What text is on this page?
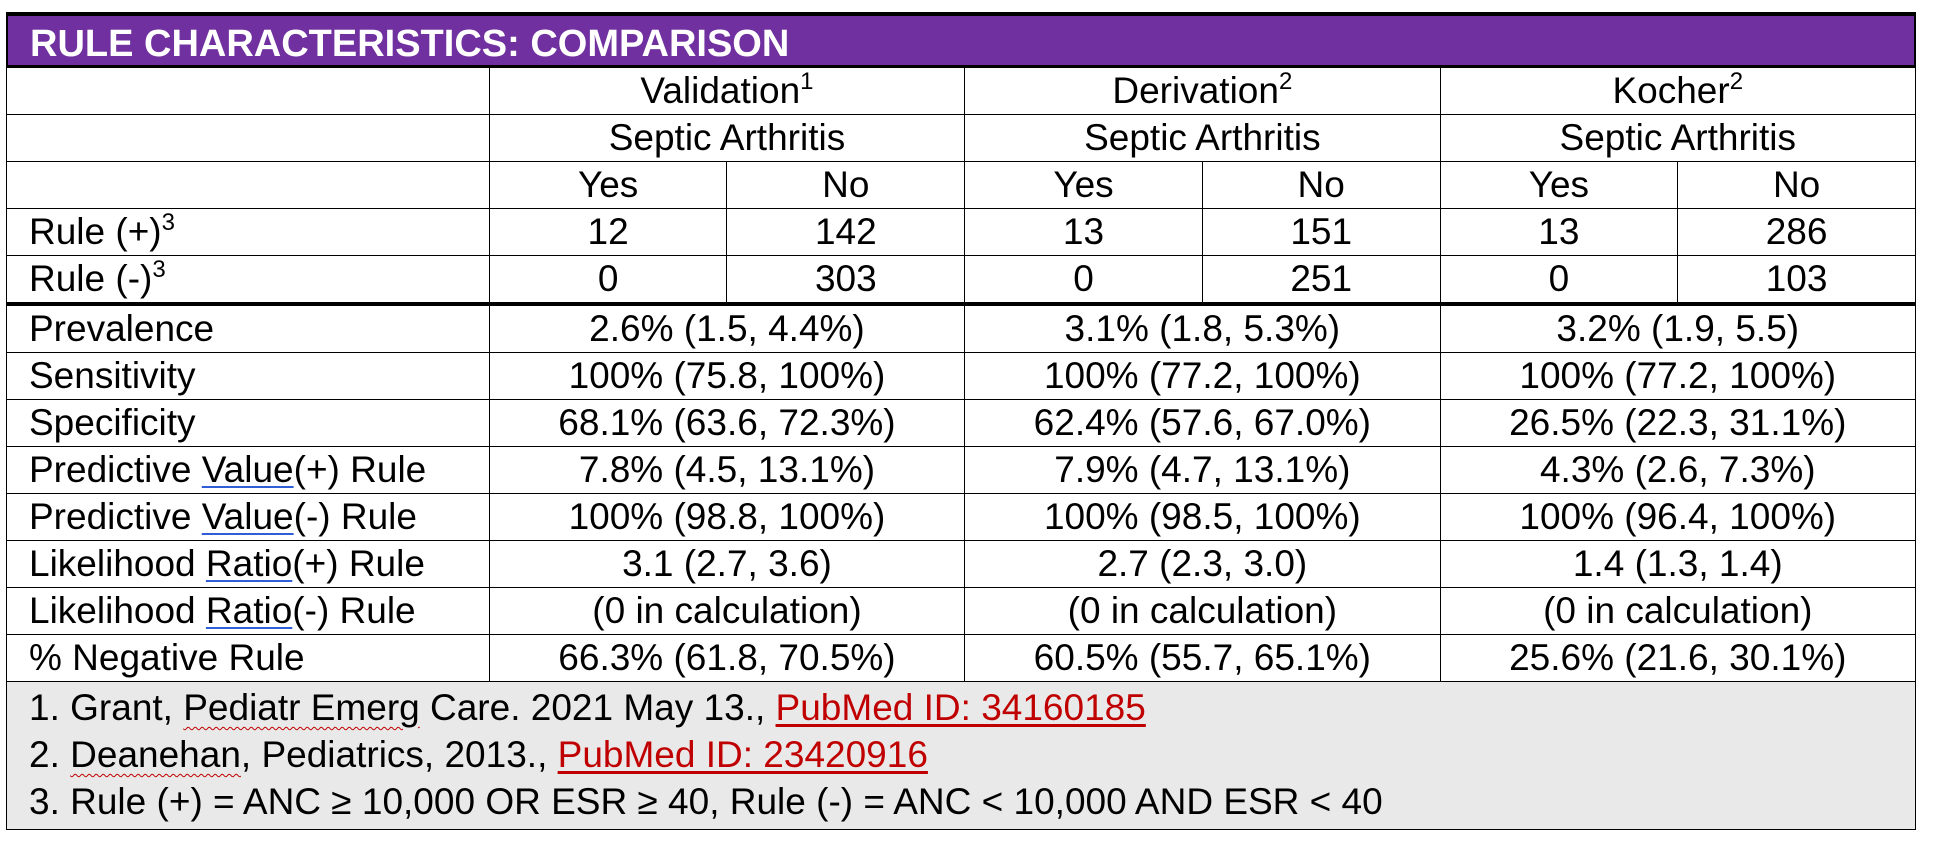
RULE CHARACTERISTICS: COMPARISON
	Validation$^1$		Derivation$^2$		Kocher$^2$
	Septic Arthritis		Septic Arthritis		Septic Arthritis	
	Yes	No	Yes	No	Yes	No
Rule $(+)^3$	12	142	13	151	13	286
Rule $(-)^3$	0	303	0	251	0	103
Prevalence	2.6% (1.5, 4.4%)		3.1% (1.8, 5.3%)		3.2% (1.9, 5.5)	
Sensitivity	100% (75.8, 100%)		100% (77.2, 100%)		100% (77.2, 100%)	
Specificity	68.1% (63.6, 72.3%)		62.4% (57.6, 67.0%)		26.5% (22.3, 31.1%)	
Predictive Value(+) Rule	7.8% (4.5, 13.1%)		7.9% (4.7, 13.1%)		4.3% (2.6, 7.3%)	
Predictive Value(-) Rule	100% (98.8, 100%)		100% (98.5, 100%)		100% (96.4, 100%)	
Likelihood Ratio(+) Rule	3.1 (2.7, 3.6)		2.7 (2.3, 3.0)		1.4 (1.3, 1.4)	
Likelihood Ratio(-) Rule	(0 in calculation)		(0 in calculation)		(0 in calculation)	
% Negative Rule	66.3% (61.8, 70.5%)		60.5% (55.7, 65.1%)		25.6% (21.6, 30.1%)	
1. Grant, Pediatr Emerg Care. 2021 May 13., PubMed ID: 34160185
2. Deanehan, Pediatrics, 2013., PubMed ID: 23420916
3. Rule (+) = ANC ≥ 10,000 OR ESR ≥ 40, Rule (-) = ANC < 10,000 AND ESR < 40
